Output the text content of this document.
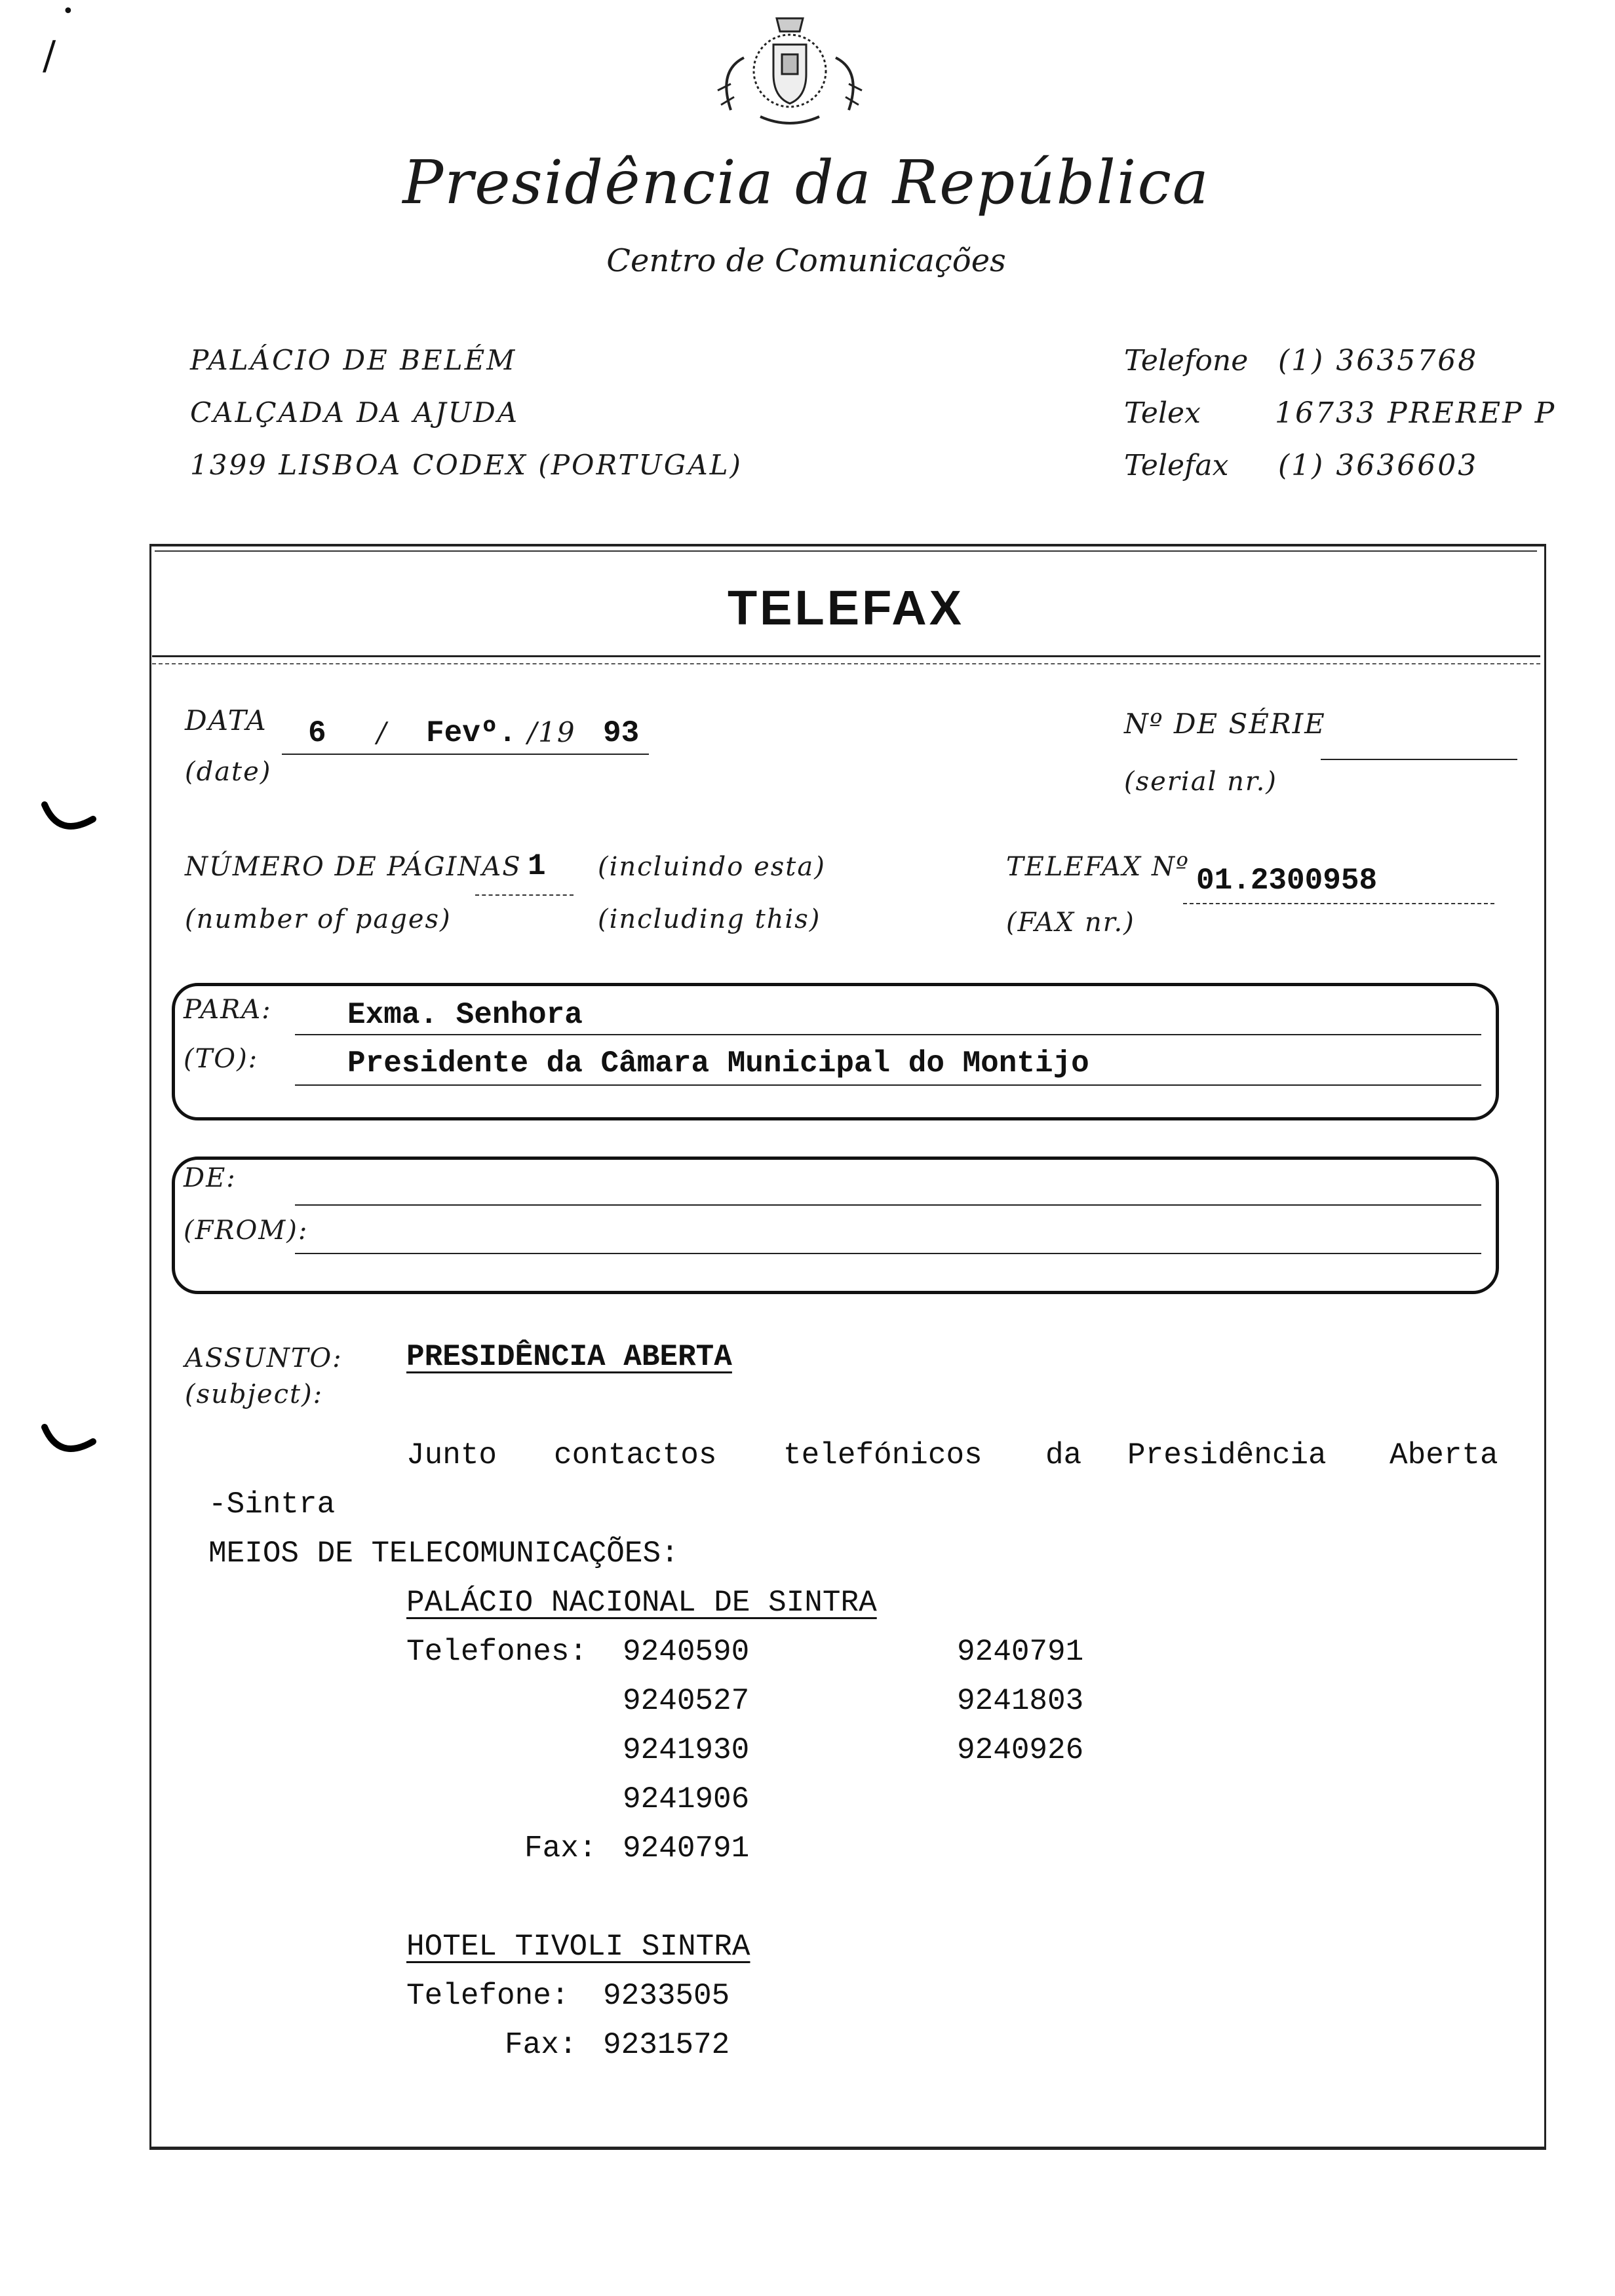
•
/
Presidência da República
Centro de Comunicações
PALÁCIO DE BELÉM
CALÇADA DA AJUDA
1399 LISBOA CODEX (PORTUGAL)
Telefone (1) 3635768
Telex	16733 PREREP P
Telefax (1) 3636603
TELEFAX
DATA
(date)
6 / Fevº. /19 93	Nº DE SÉRIE
(serial nr.)
NÚMERO DE PÁGINAS
(number of pages)
1 (incluindo esta)
(including this)
TELEFAX Nº
(FAX nr.)
01.2300958
PARA:
(TO):
Exma. Senhora
Presidente da Câmara Municipal do Montijo
DE:
(FROM):
ASSUNTO:
(subject):
PRESIDÊNCIA ABERTA
Junto contactos telefónicos da Presidência Aberta
-Sintra
MEIOS DE TELECOMUNICAÇÕES:
PALÁCIO NACIONAL DE SINTRA
Telefones: 9240590
9240527
9241930
9241906
9240791
9241803
9240926
Fax: 9240791
HOTEL TIVOLI SINTRA
Telefone: 9233505
Fax: 9231572
